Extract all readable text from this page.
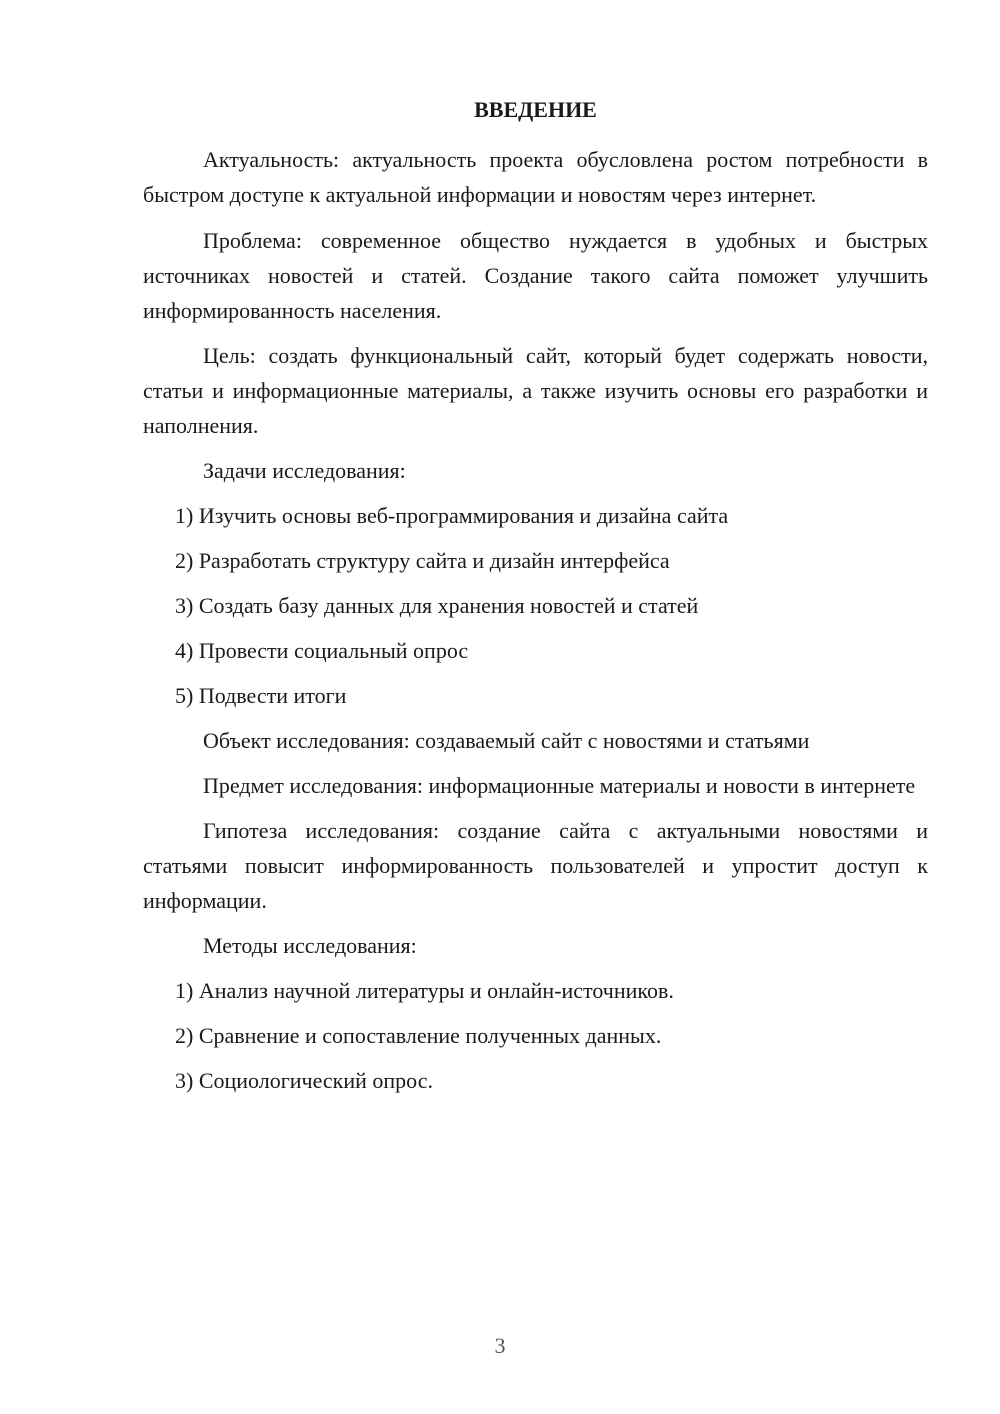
ВВЕДЕНИЕ

Актуальность: актуальность проекта обусловлена ростом потребности в быстром доступе к актуальной информации и новостям через интернет.

Проблема: современное общество нуждается в удобных и быстрых источниках новостей и статей. Создание такого сайта поможет улучшить информированность населения.

Цель: создать функциональный сайт, который будет содержать новости, статьи и информационные материалы, а также изучить основы его разработки и наполнения.

Задачи исследования:

1) Изучить основы веб-программирования и дизайна сайта

2) Разработать структуру сайта и дизайн интерфейса

3) Создать базу данных для хранения новостей и статей

4) Провести социальный опрос

5) Подвести итоги

Объект исследования: создаваемый сайт с новостями и статьями

Предмет исследования: информационные материалы и новости в интернете

Гипотеза исследования: создание сайта с актуальными новостями и статьями повысит информированность пользователей и упростит доступ к информации.

Методы исследования:

1) Анализ научной литературы и онлайн-источников.

2) Сравнение и сопоставление полученных данных.

3) Социологический опрос.

3
